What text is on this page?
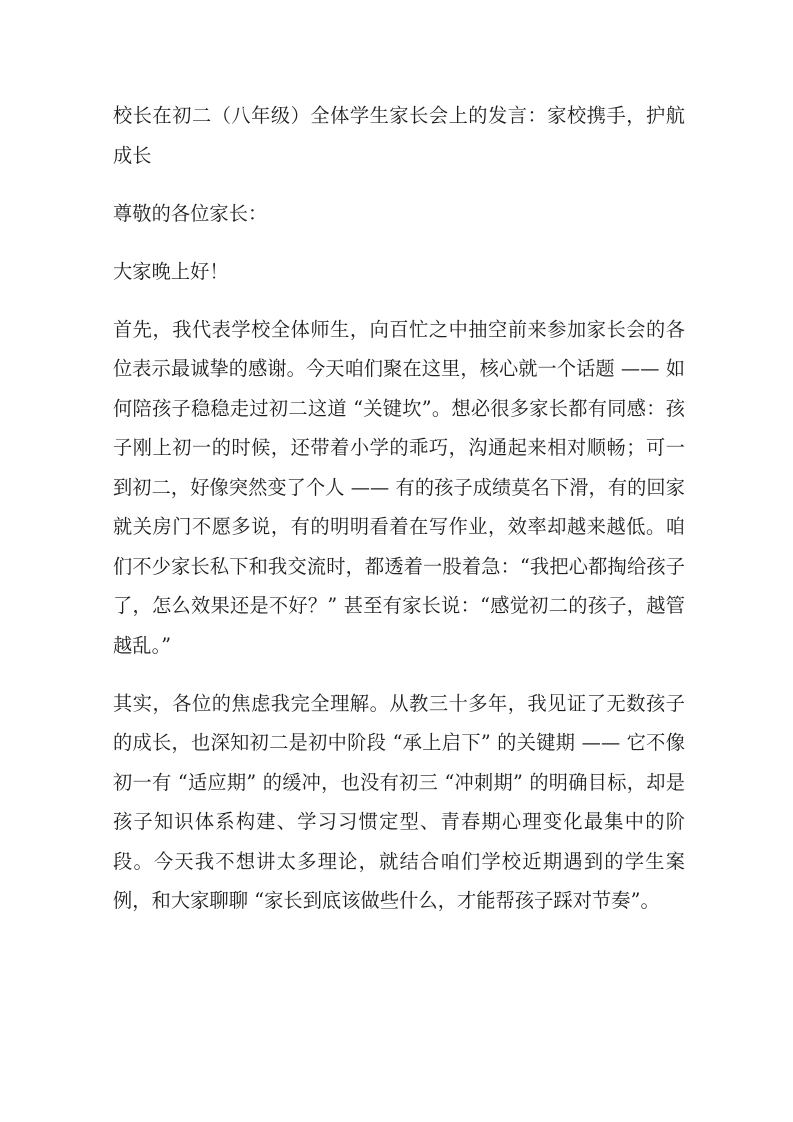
校长在初二（八年级）全体学生家长会上的发言：家校携手，护航成长

尊敬的各位家长：

大家晚上好！

首先，我代表学校全体师生，向百忙之中抽空前来参加家长会的各位表示最诚挚的感谢。今天咱们聚在这里，核心就一个话题 —— 如何陪孩子稳稳走过初二这道 “关键坎”。想必很多家长都有同感：孩子刚上初一的时候，还带着小学的乖巧，沟通起来相对顺畅；可一到初二，好像突然变了个人 —— 有的孩子成绩莫名下滑，有的回家就关房门不愿多说，有的明明看着在写作业，效率却越来越低。咱们不少家长私下和我交流时，都透着一股着急：“我把心都掏给孩子了，怎么效果还是不好？” 甚至有家长说：“感觉初二的孩子，越管越乱。”

其实，各位的焦虑我完全理解。从教三十多年，我见证了无数孩子的成长，也深知初二是初中阶段 “承上启下” 的关键期 —— 它不像初一有 “适应期” 的缓冲，也没有初三 “冲刺期” 的明确目标，却是孩子知识体系构建、学习习惯定型、青春期心理变化最集中的阶段。今天我不想讲太多理论，就结合咱们学校近期遇到的学生案例，和大家聊聊 “家长到底该做些什么，才能帮孩子踩对节奏”。
